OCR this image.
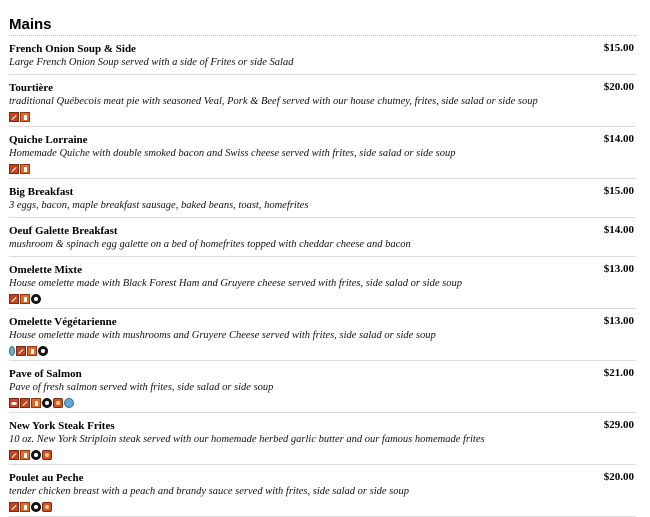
Mains
French Onion Soup & Side
Large French Onion Soup served with a side of Frites or side Salad
$15.00
Tourtière
traditional Québecois meat pie with seasoned Veal, Pork & Beef served with our house chutney, frites, side salad or side soup
$20.00
Quiche Lorraine
Homemade Quiche with double smoked bacon and Swiss cheese served with frites, side salad or side soup
$14.00
Big Breakfast
3 eggs, bacon, maple breakfast sausage, baked beans, toast, homefrites
$15.00
Oeuf Galette Breakfast
mushroom & spinach egg galette on a bed of homefrites topped with cheddar cheese and bacon
$14.00
Omelette Mixte
House omelette made with Black Forest Ham and Gruyere cheese served with frites, side salad or side soup
$13.00
Omelette Végétarienne
House omelette made with mushrooms and Gruyere Cheese served with frites, side salad or side soup
$13.00
Pave of Salmon
Pave of fresh salmon served with frites, side salad or side soup
$21.00
New York Steak Frites
10 oz. New York Striploin steak served with our homemade herbed garlic butter and our famous homemade frites
$29.00
Poulet au Peche
tender chicken breast with a peach and brandy sauce served with frites, side salad or side soup
$20.00
